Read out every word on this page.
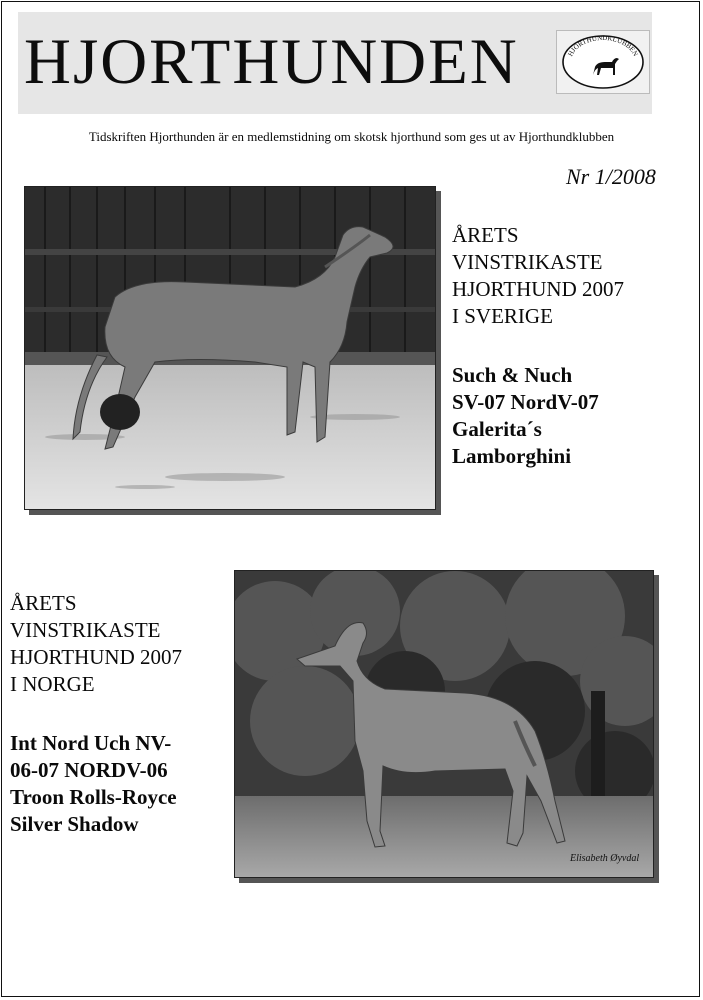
HJORTHUNDEN	HJORTHUNDKLUBBEN
Tidskriften Hjorthunden är en medlemstidning om skotsk hjorthund som ges ut av Hjorthundklubben
Nr 1/2008
ÅRETS
VINSTRIKASTE
HJORTHUND 2007
I SVERIGE
Such & Nuch
SV-07 NordV-07
Galerita´s
Lamborghini
Elisabeth Øyvdal
ÅRETS
VINSTRIKASTE
HJORTHUND 2007
I NORGE
Int Nord Uch NV-
06-07 NORDV-06
Troon Rolls-Royce
Silver Shadow
